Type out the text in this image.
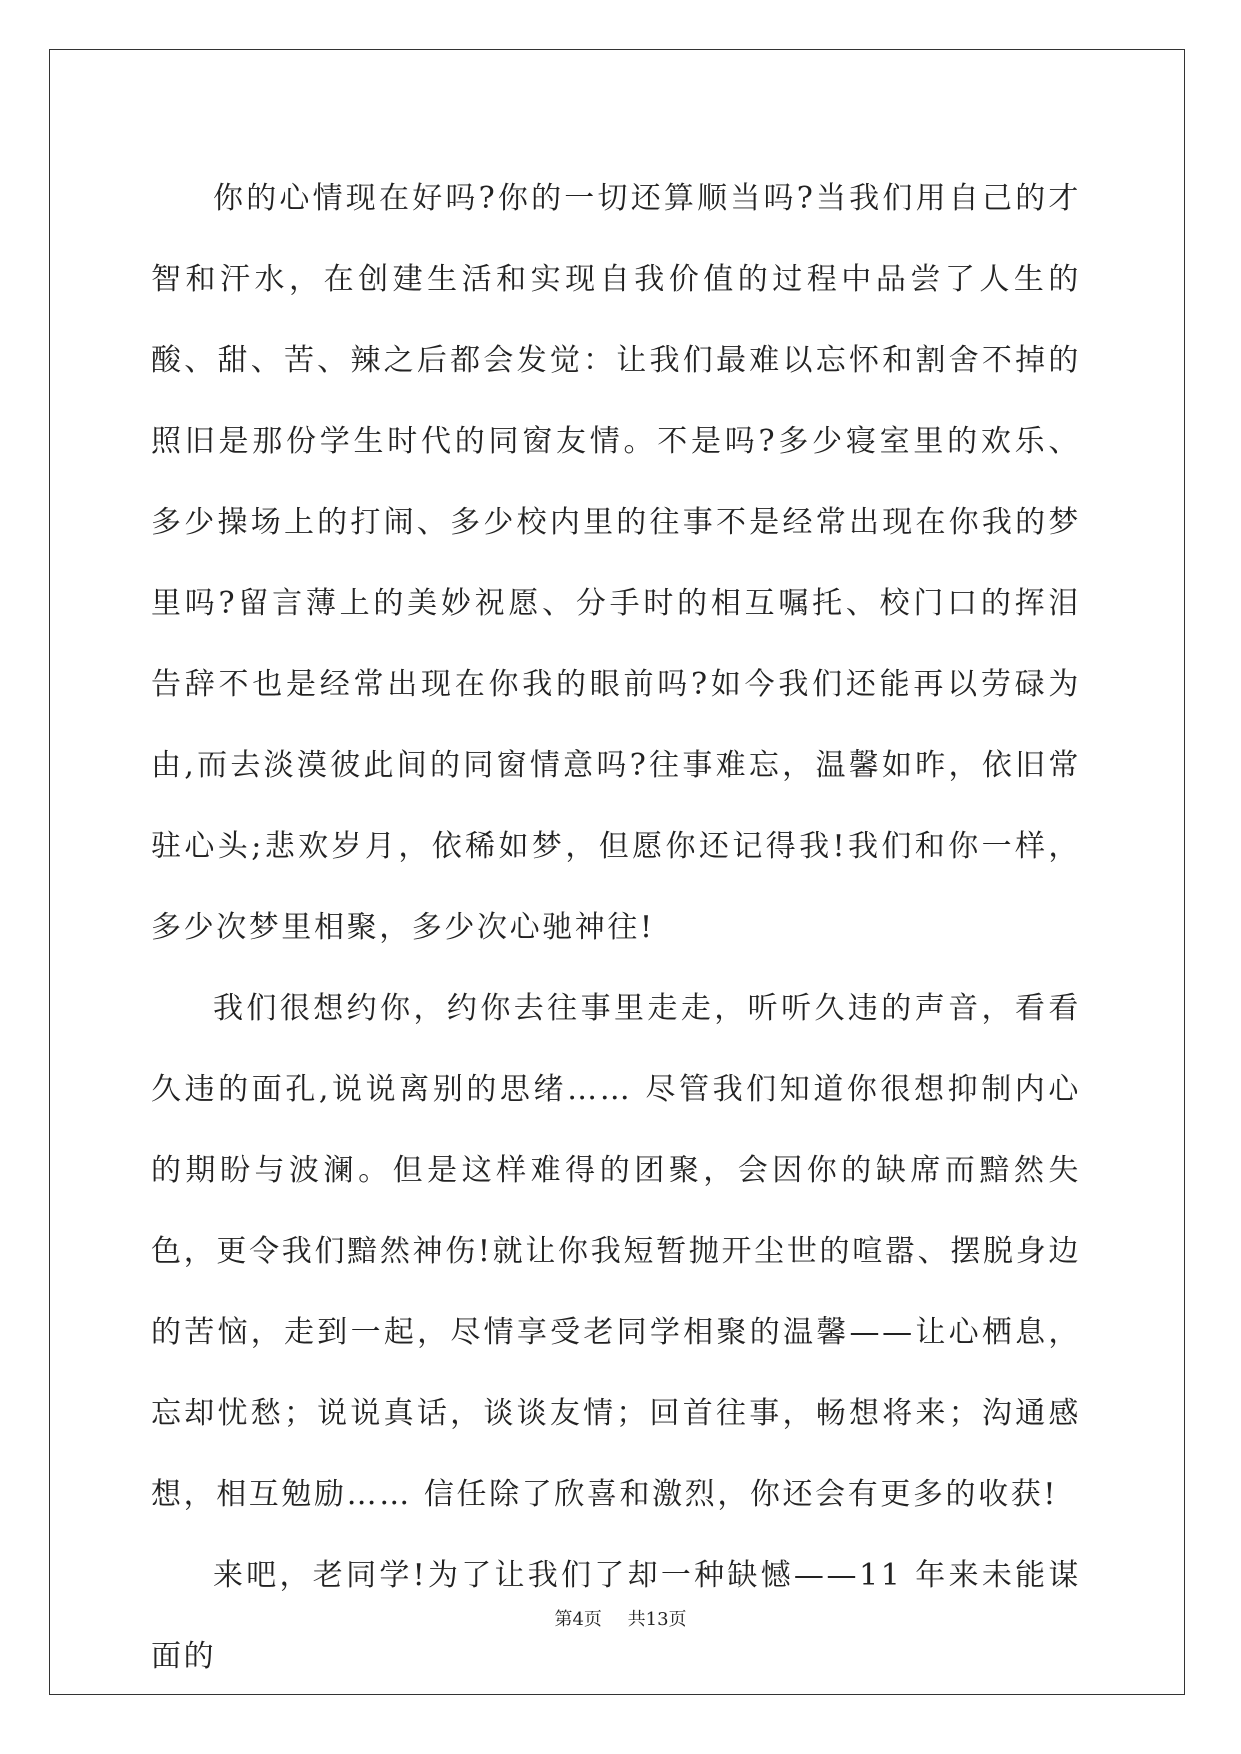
你的心情现在好吗?你的一切还算顺当吗?当我们用自己的才智和汗水，在创建生活和实现自我价值的过程中品尝了人生的酸、甜、苦、辣之后都会发觉：让我们最难以忘怀和割舍不掉的照旧是那份学生时代的同窗友情。不是吗?多少寝室里的欢乐、多少操场上的打闹、多少校内里的往事不是经常出现在你我的梦里吗?留言薄上的美妙祝愿、分手时的相互嘱托、校门口的挥泪告辞不也是经常出现在你我的眼前吗?如今我们还能再以劳碌为由,而去淡漠彼此间的同窗情意吗?往事难忘，温馨如昨，依旧常驻心头;悲欢岁月，依稀如梦，但愿你还记得我!我们和你一样，多少次梦里相聚，多少次心驰神往!

我们很想约你，约你去往事里走走，听听久违的声音，看看久违的面孔,说说离别的思绪…… 尽管我们知道你很想抑制内心的期盼与波澜。但是这样难得的团聚，会因你的缺席而黯然失色，更令我们黯然神伤!就让你我短暂抛开尘世的喧嚣、摆脱身边的苦恼，走到一起，尽情享受老同学相聚的温馨——让心栖息，忘却忧愁；说说真话，谈谈友情；回首往事，畅想将来；沟通感想，相互勉励…… 信任除了欣喜和激烈，你还会有更多的收获!

来吧，老同学!为了让我们了却一种缺憾——11 年来未能谋面的

第4页 共13页
